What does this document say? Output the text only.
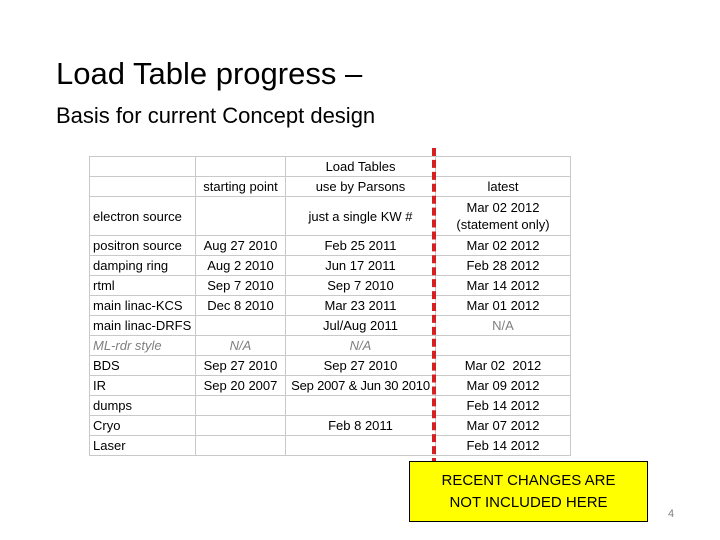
Load Table progress –
Basis for current Concept design
		Load Tables	
	starting point	use by Parsons	latest
electron source		just a single KW #	Mar 02 2012
(statement only)
positron source	Aug 27 2010	Feb 25 2011	Mar 02 2012
damping ring	Aug 2 2010	Jun 17 2011	Feb 28 2012
rtml	Sep 7 2010	Sep 7 2010	Mar 14 2012
main linac-KCS	Dec 8 2010	Mar 23 2011	Mar 01 2012
main linac-DRFS		Jul/Aug 2011	N/A
ML-rdr style	N/A	N/A	
BDS	Sep 27 2010	Sep 27 2010	Mar 02  2012
IR	Sep 20 2007	Sep 2007 & Jun 30 2010	Mar 09 2012
dumps			Feb 14 2012
Cryo		Feb 8 2011	Mar 07 2012
Laser			Feb 14 2012
RECENT CHANGES ARE
NOT INCLUDED HERE
4
